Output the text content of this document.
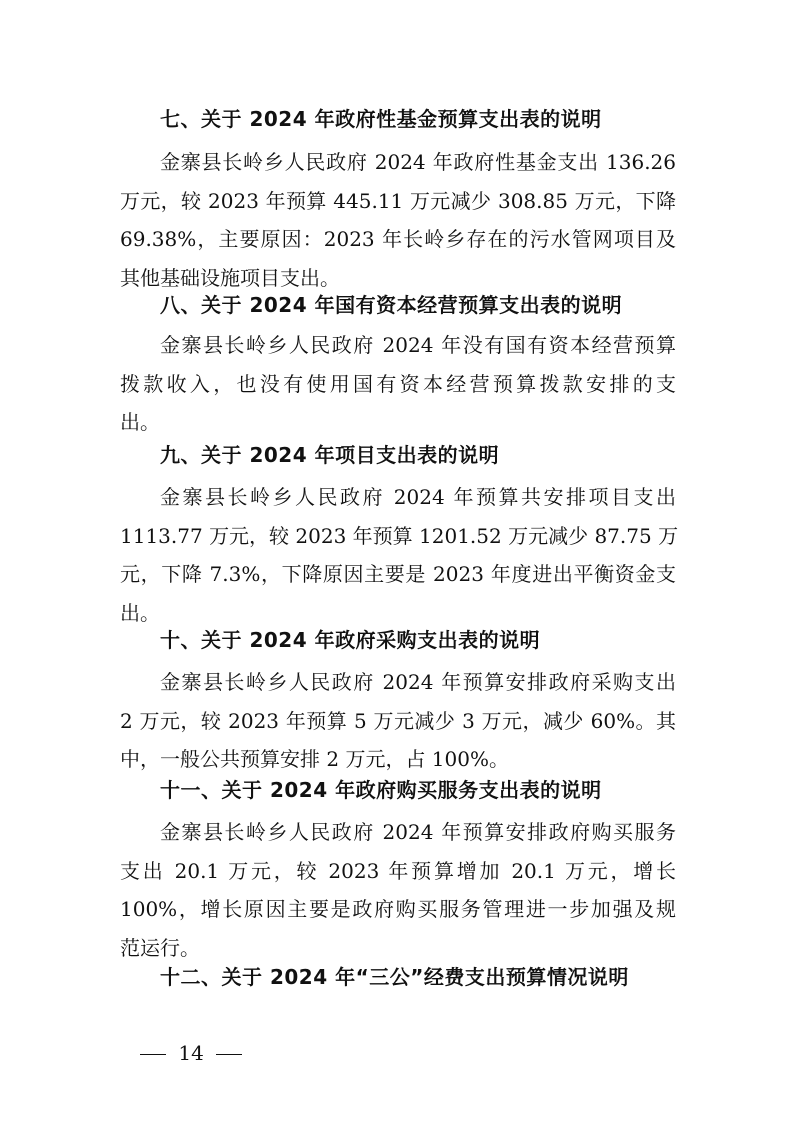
七、关于 2024 年政府性基金预算支出表的说明
金寨县长岭乡人民政府 2024 年政府性基金支出 136.26
万元，较 2023 年预算 445.11 万元减少 308.85 万元，下降
69.38%，主要原因：2023 年长岭乡存在的污水管网项目及
其他基础设施项目支出。
八、关于 2024 年国有资本经营预算支出表的说明
金寨县长岭乡人民政府 2024 年没有国有资本经营预算
拨款收入，也没有使用国有资本经营预算拨款安排的支
出。
九、关于 2024 年项目支出表的说明
金寨县长岭乡人民政府 2024 年预算共安排项目支出
1113.77 万元，较 2023 年预算 1201.52 万元减少 87.75 万
元，下降 7.3%，下降原因主要是 2023 年度进出平衡资金支
出。
十、关于 2024 年政府采购支出表的说明
金寨县长岭乡人民政府 2024 年预算安排政府采购支出
2 万元，较 2023 年预算 5 万元减少 3 万元，减少 60%。其
中，一般公共预算安排 2 万元，占 100%。
十一、关于 2024 年政府购买服务支出表的说明
金寨县长岭乡人民政府 2024 年预算安排政府购买服务
支出 20.1 万元，较 2023 年预算增加 20.1 万元，增长
100%，增长原因主要是政府购买服务管理进一步加强及规
范运行。
十二、关于 2024 年“三公”经费支出预算情况说明
14
